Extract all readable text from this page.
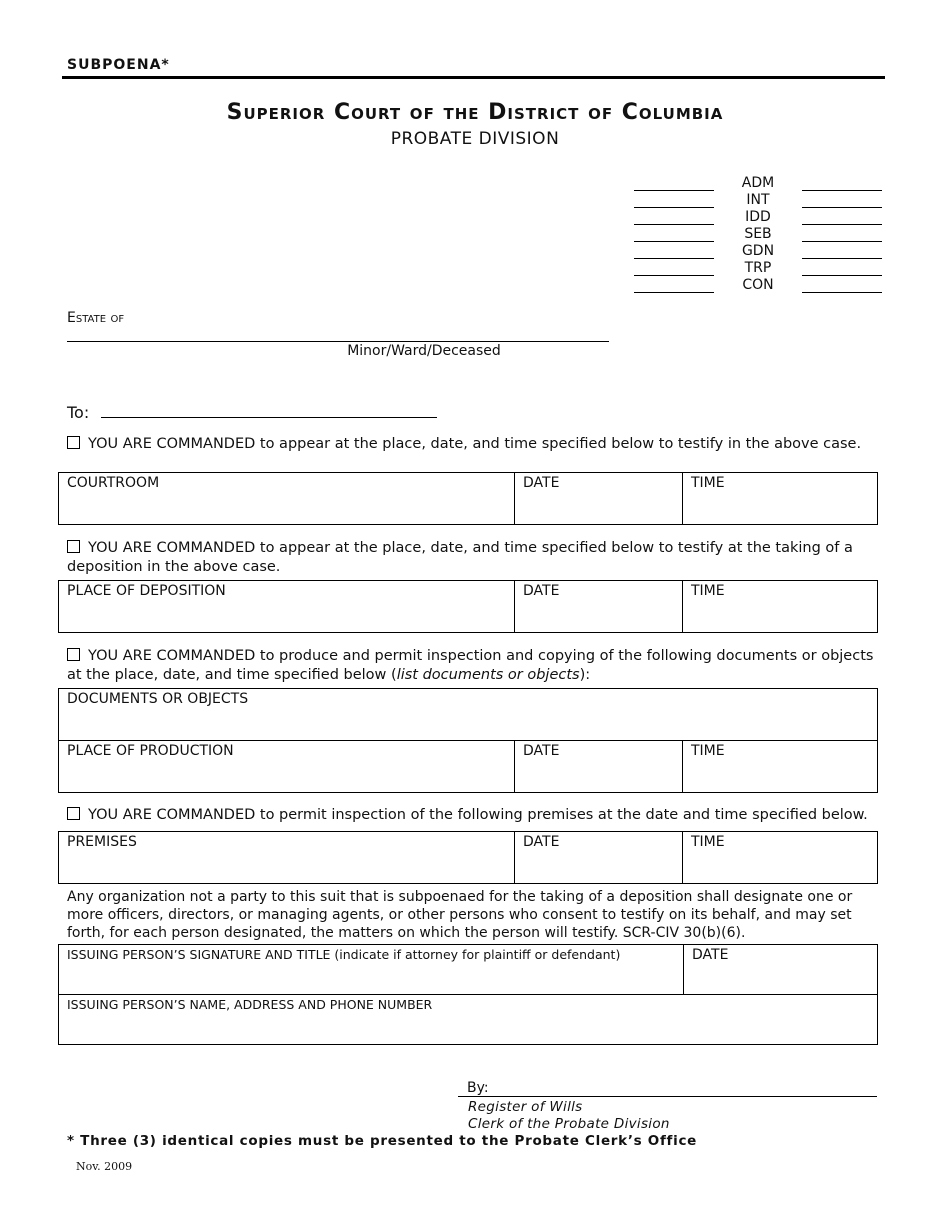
SUBPOENA*
Superior Court of the District of Columbia
PROBATE DIVISION
ADM
INT
IDD
SEB
GDN
TRP
CON
Estate of
Minor/Ward/Deceased
To:
YOU ARE COMMANDED to appear at the place, date, and time specified below to testify in the above case.
COURTROOM	DATE	TIME
YOU ARE COMMANDED to appear at the place, date, and time specified below to testify at the taking of a deposition in the above case.
PLACE OF DEPOSITION	DATE	TIME
YOU ARE COMMANDED to produce and permit inspection and copying of the following documents or objects at the place, date, and time specified below (list documents or objects):
DOCUMENTS OR OBJECTS
PLACE OF PRODUCTION	DATE	TIME
YOU ARE COMMANDED to permit inspection of the following premises at the date and time specified below.
PREMISES	DATE	TIME
Any organization not a party to this suit that is subpoenaed for the taking of a deposition shall designate one or more officers, directors, or managing agents, or other persons who consent to testify on its behalf, and may set forth, for each person designated, the matters on which the person will testify. SCR-CIV 30(b)(6).
ISSUING PERSON’S SIGNATURE AND TITLE (indicate if attorney for plaintiff or defendant)	DATE
ISSUING PERSON’S NAME, ADDRESS AND PHONE NUMBER
By:
Register of Wills
Clerk of the Probate Division
* Three (3) identical copies must be presented to the Probate Clerk’s Office
Nov. 2009
